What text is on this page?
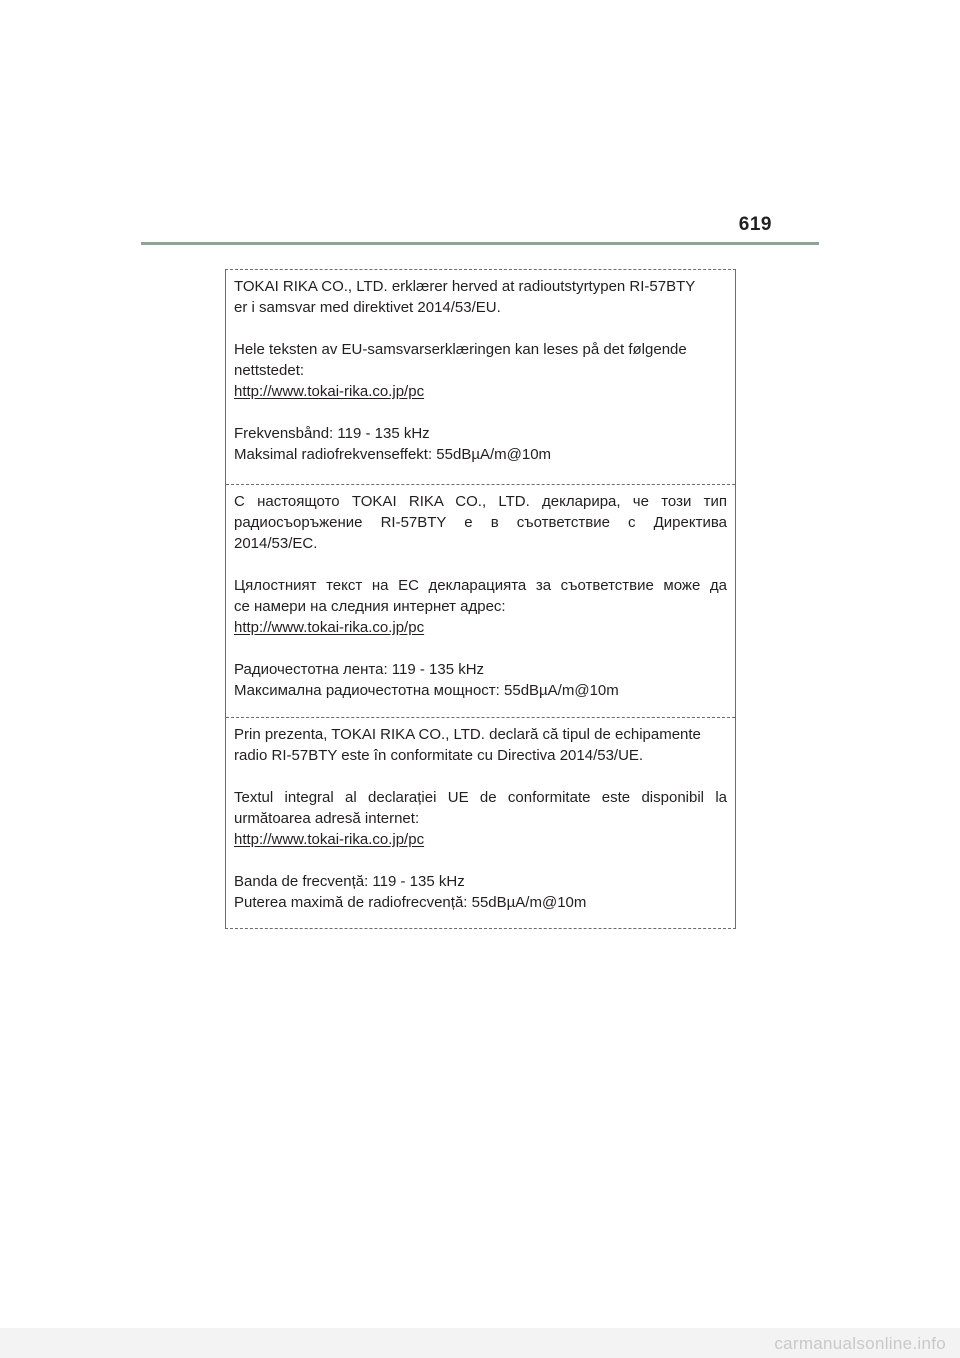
619
TOKAI RIKA CO., LTD. erklærer herved at radioutstyrtypen RI-57BTY
er i samsvar med direktivet 2014/53/EU.
Hele teksten av EU-samsvarserklæringen kan leses på det følgende
nettstedet:
http://www.tokai-rika.co.jp/pc
Frekvensbånd: 119 - 135 kHz
Maksimal radiofrekvenseffekt: 55dBµA/m@10m
С настоящото TOKAI RIKA CO., LTD. декларира, че този тип
радиосъоръжение RI-57BTY е в съответствие с Директива
2014/53/ЕС.
Цялостният текст на ЕС декларацията за съответствие може да
се намери на следния интернет адрес:
http://www.tokai-rika.co.jp/pc
Радиочестотна лента: 119 - 135 kHz
Максимална радиочестотна мощност: 55dBµA/m@10m
Prin prezenta, TOKAI RIKA CO., LTD. declară că tipul de echipamente
radio RI-57BTY este în conformitate cu Directiva 2014/53/UE.
Textul integral al declarației UE de conformitate este disponibil la
următoarea adresă internet:
http://www.tokai-rika.co.jp/pc
Banda de frecvență: 119 - 135 kHz
Puterea maximă de radiofrecvență: 55dBµA/m@10m
carmanualsonline.info
